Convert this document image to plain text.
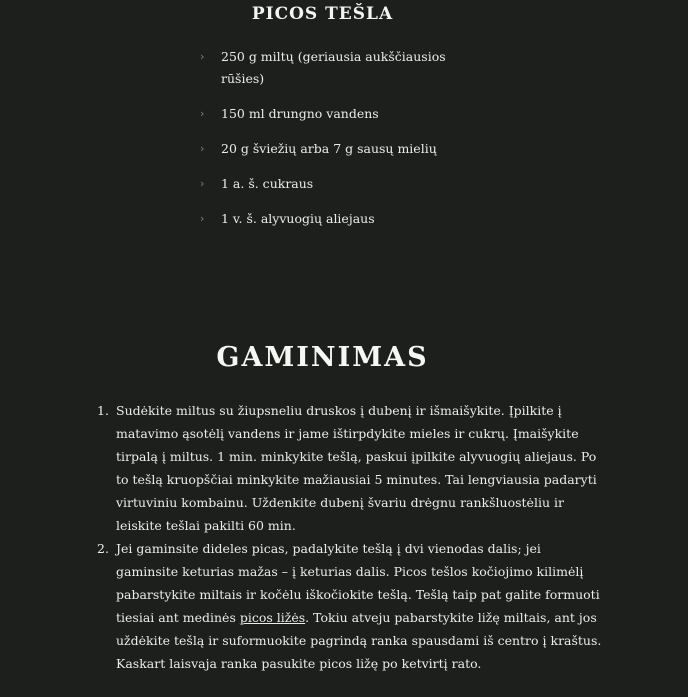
PICOS TEŠLA
› 250 g miltų (geriausia aukščiausios rūšies)
› 150 ml drungno vandens
› 20 g šviežių arba 7 g sausų mielių
› 1 a. š. cukraus
› 1 v. š. alyvuogių aliejaus
GAMINIMAS
1. Sudėkite miltus su žiupsneliu druskos į dubenį ir išmaišykite. Įpilkite į matavimo ąsotėlį vandens ir jame ištirpdykite mieles ir cukrų. Įmaišykite tirpalą į miltus. 1 min. minkykite tešlą, paskui įpilkite alyvuogių aliejaus. Po to tešlą kruopščiai minkykite mažiausiai 5 minutes. Tai lengviausia padaryti virtuviniu kombainu. Uždenkite dubenį švariu drėgnu rankšluostėliu ir leiskite tešlai pakilti 60 min.
2. Jei gaminsite dideles picas, padalykite tešlą į dvi vienodas dalis; jei gaminsite keturias mažas – į keturias dalis. Picos tešlos kočiojimo kilimėlį pabarstykite miltais ir kočėlu iškočiokite tešlą. Tešlą taip pat galite formuoti tiesiai ant medinės picos ližės. Tokiu atveju pabarstykite ližę miltais, ant jos uždėkite tešlą ir suformuokite pagrindą ranka spausdami iš centro į kraštus. Kaskart laisvaja ranka pasukite picos ližę po ketvirtį rato.
